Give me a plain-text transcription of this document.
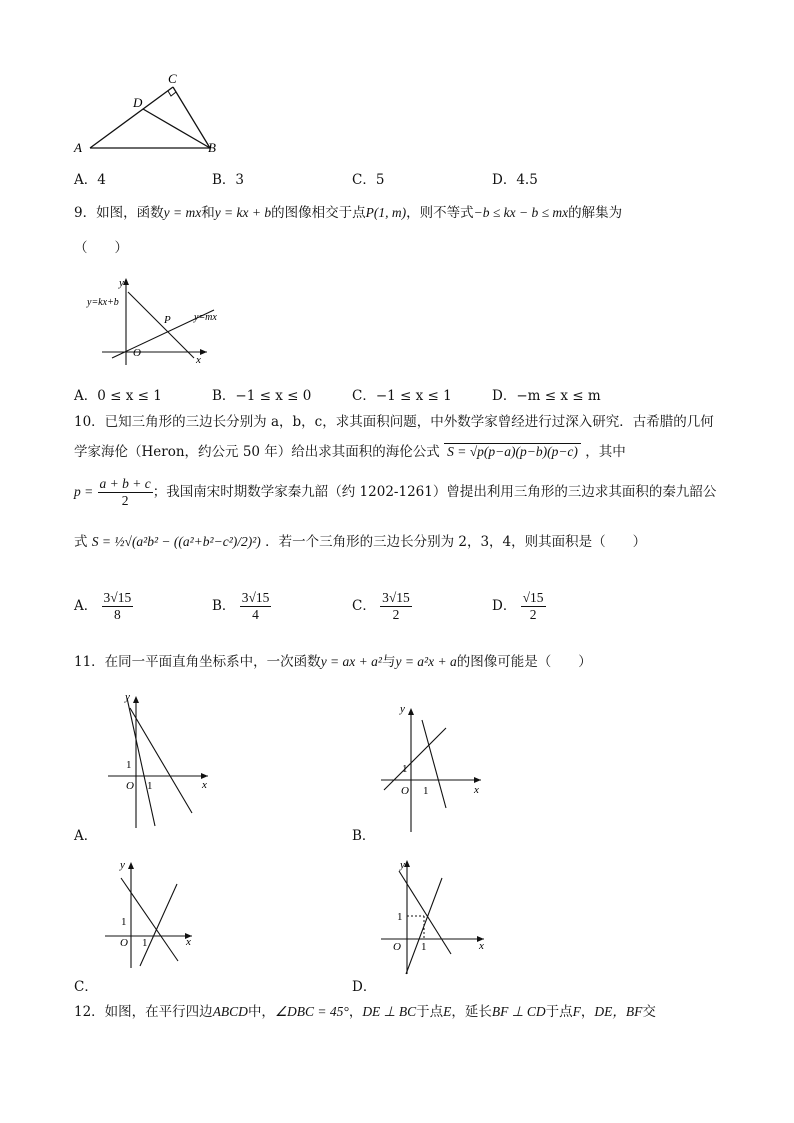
A	B
C
D
A．4	B．3	C．5	D．4.5
9．如图，函数y = mx和y = kx + b的图像相交于点P(1, m)，则不等式−b ≤ kx − b ≤ mx的解集为
（　　）
y
x
O
P
y=kx+b
y=mx
A．0 ≤ x ≤ 1	B．−1 ≤ x ≤ 0	C．−1 ≤ x ≤ 1	D．−m ≤ x ≤ m
10．已知三角形的三边长分别为 a，b，c，求其面积问题，中外数学家曾经进行过深入研究．古希腊的几何
学家海伦（Heron，约公元 50 年）给出求其面积的海伦公式 S = √p(p−a)(p−b)(p−c) ，其中
$p = \frac{a + b + c}{2}$ ；我国南宋时期数学家秦九韶（约 1202-1261）曾提出利用三角形的三边求其面积的秦九韶公
式 S = ½√(a²b² − ((a²+b²−c²)/2)²) ．若一个三角形的三边长分别为 2，3，4，则其面积是（　　）
A． $\frac{3√15}{8}$	B． $\frac{3√15}{4}$	C． $\frac{3√15}{2}$	D． $\frac{√15}{2}$
11．在同一平面直角坐标系中，一次函数y = ax + a²与y = a²x + a的图像可能是（　　）
y
x
O
1
1
A．
y
x
O
1
1
B．
y
x
O
1
1
C．
y
x
O
1
1
D．
12．如图，在平行四边ABCD中，∠DBC = 45°，DE ⊥ BC于点E，延长BF ⊥ CD于点F，DE，BF交
